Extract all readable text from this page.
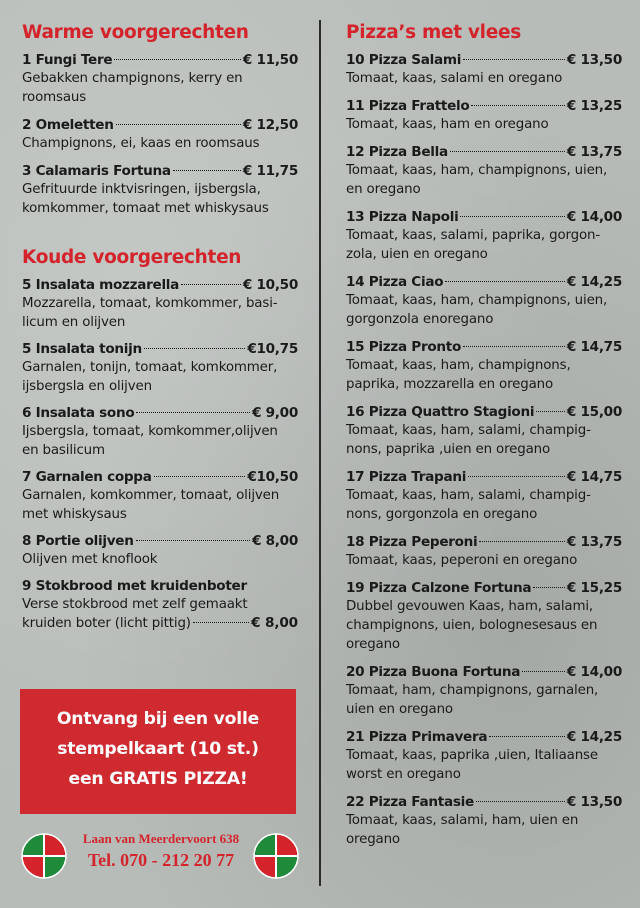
Warme voorgerechten
1 Fungi Tere	€ 11,50
Gebakken champignons, kerry en
roomsaus
2 Omeletten	€ 12,50
Champignons, ei, kaas en roomsaus
3 Calamaris Fortuna	€ 11,75
Gefrituurde inktvisringen, ijsbergsla,
komkommer, tomaat met whiskysaus
Koude voorgerechten
5 Insalata mozzarella	€ 10,50
Mozzarella, tomaat, komkommer, basi-
licum en olijven
5 Insalata tonijn	€10,75
Garnalen, tonijn, tomaat, komkommer,
ijsbergsla en olijven
6 Insalata sono	€ 9,00
Ijsbergsla, tomaat, komkommer,olijven
en basilicum
7 Garnalen coppa	€10,50
Garnalen, komkommer, tomaat, olijven
met whiskysaus
8 Portie olijven	€ 8,00
Olijven met knoflook
9 Stokbrood met kruidenboter
Verse stokbrood met zelf gemaakt
kruiden boter (licht pittig)	€ 8,00
Ontvang bij een volle
stempelkaart (10 st.)
een GRATIS PIZZA!
Laan van Meerdervoort 638
Tel. 070 - 212 20 77
Pizza’s met vlees
10 Pizza Salami	€ 13,50
Tomaat, kaas, salami en oregano
11 Pizza Frattelo	€ 13,25
Tomaat, kaas, ham en oregano
12 Pizza Bella	€ 13,75
Tomaat, kaas, ham, champignons, uien,
en oregano
13 Pizza Napoli	€ 14,00
Tomaat, kaas, salami, paprika, gorgon-
zola, uien en oregano
14 Pizza Ciao	€ 14,25
Tomaat, kaas, ham, champignons, uien,
gorgonzola enoregano
15 Pizza Pronto	€ 14,75
Tomaat, kaas, ham, champignons,
paprika, mozzarella en oregano
16 Pizza Quattro Stagioni € 15,00
Tomaat, kaas, ham, salami, champig-
nons, paprika ,uien en oregano
17 Pizza Trapani	€ 14,75
Tomaat, kaas, ham, salami, champig-
nons, gorgonzola en oregano
18 Pizza Peperoni	€ 13,75
Tomaat, kaas, peperoni en oregano
19 Pizza Calzone Fortuna	€ 15,25
Dubbel gevouwen Kaas, ham, salami,
champignons, uien, bolognesesaus en
oregano
20 Pizza Buona Fortuna	€ 14,00
Tomaat, ham, champignons, garnalen,
uien en oregano
21 Pizza Primavera	€ 14,25
Tomaat, kaas, paprika ,uien, Italiaanse
worst en oregano
22 Pizza Fantasie	€ 13,50
Tomaat, kaas, salami, ham, uien en
oregano
